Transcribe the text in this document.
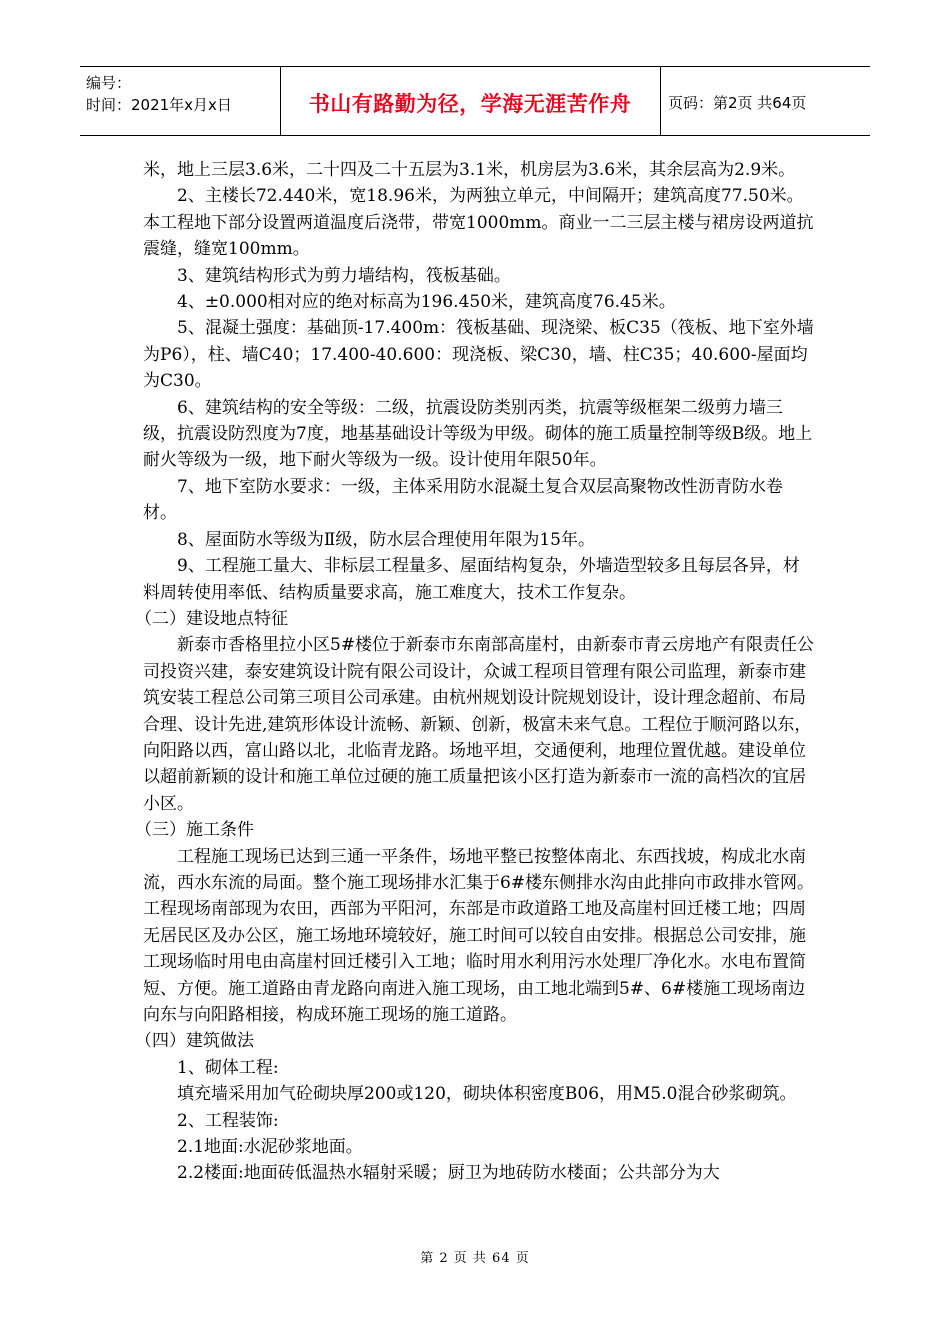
编号：
时间：2021年x月x日	书山有路勤为径，学海无涯苦作舟	页码：第2页 共64页

米，地上三层3.6米，二十四及二十五层为3.1米，机房层为3.6米，其余层高为2.9米。

2、主楼长72.440米，宽18.96米，为两独立单元，中间隔开；建筑高度77.50米。本工程地下部分设置两道温度后浇带，带宽1000mm。商业一二三层主楼与裙房设两道抗震缝，缝宽100mm。

3、建筑结构形式为剪力墙结构，筏板基础。

4、±0.000相对应的绝对标高为196.450米，建筑高度76.45米。

5、混凝土强度：基础顶-17.400m：筏板基础、现浇梁、板C35（筏板、地下室外墙为P6），柱、墙C40；17.400-40.600：现浇板、梁C30，墙、柱C35；40.600-屋面均为C30。

6、建筑结构的安全等级：二级，抗震设防类别丙类，抗震等级框架二级剪力墙三级，抗震设防烈度为7度，地基基础设计等级为甲级。砌体的施工质量控制等级B级。地上耐火等级为一级，地下耐火等级为一级。设计使用年限50年。

7、地下室防水要求：一级，主体采用防水混凝土复合双层高聚物改性沥青防水卷材。

8、屋面防水等级为Ⅱ级，防水层合理使用年限为15年。

9、工程施工量大、非标层工程量多、屋面结构复杂，外墙造型较多且每层各异，材料周转使用率低、结构质量要求高，施工难度大，技术工作复杂。

（二）建设地点特征

新泰市香格里拉小区5#楼位于新泰市东南部高崖村，由新泰市青云房地产有限责任公司投资兴建，泰安建筑设计院有限公司设计，众诚工程项目管理有限公司监理，新泰市建筑安装工程总公司第三项目公司承建。由杭州规划设计院规划设计，设计理念超前、布局合理、设计先进,建筑形体设计流畅、新颖、创新，极富未来气息。工程位于顺河路以东，向阳路以西，富山路以北，北临青龙路。场地平坦，交通便利，地理位置优越。建设单位以超前新颖的设计和施工单位过硬的施工质量把该小区打造为新泰市一流的高档次的宜居小区。

（三）施工条件

工程施工现场已达到三通一平条件，场地平整已按整体南北、东西找坡，构成北水南流，西水东流的局面。整个施工现场排水汇集于6#楼东侧排水沟由此排向市政排水管网。工程现场南部现为农田，西部为平阳河，东部是市政道路工地及高崖村回迁楼工地；四周无居民区及办公区，施工场地环境较好，施工时间可以较自由安排。根据总公司安排，施工现场临时用电由高崖村回迁楼引入工地；临时用水利用污水处理厂净化水。水电布置简短、方便。施工道路由青龙路向南进入施工现场，由工地北端到5#、6#楼施工现场南边向东与向阳路相接，构成环施工现场的施工道路。

（四）建筑做法

1、砌体工程:

填充墙采用加气砼砌块厚200或120，砌块体积密度B06，用M5.0混合砂浆砌筑。

2、工程装饰:

2.1地面:水泥砂浆地面。

2.2楼面:地面砖低温热水辐射采暖；厨卫为地砖防水楼面；公共部分为大

第 2 页 共 64 页
